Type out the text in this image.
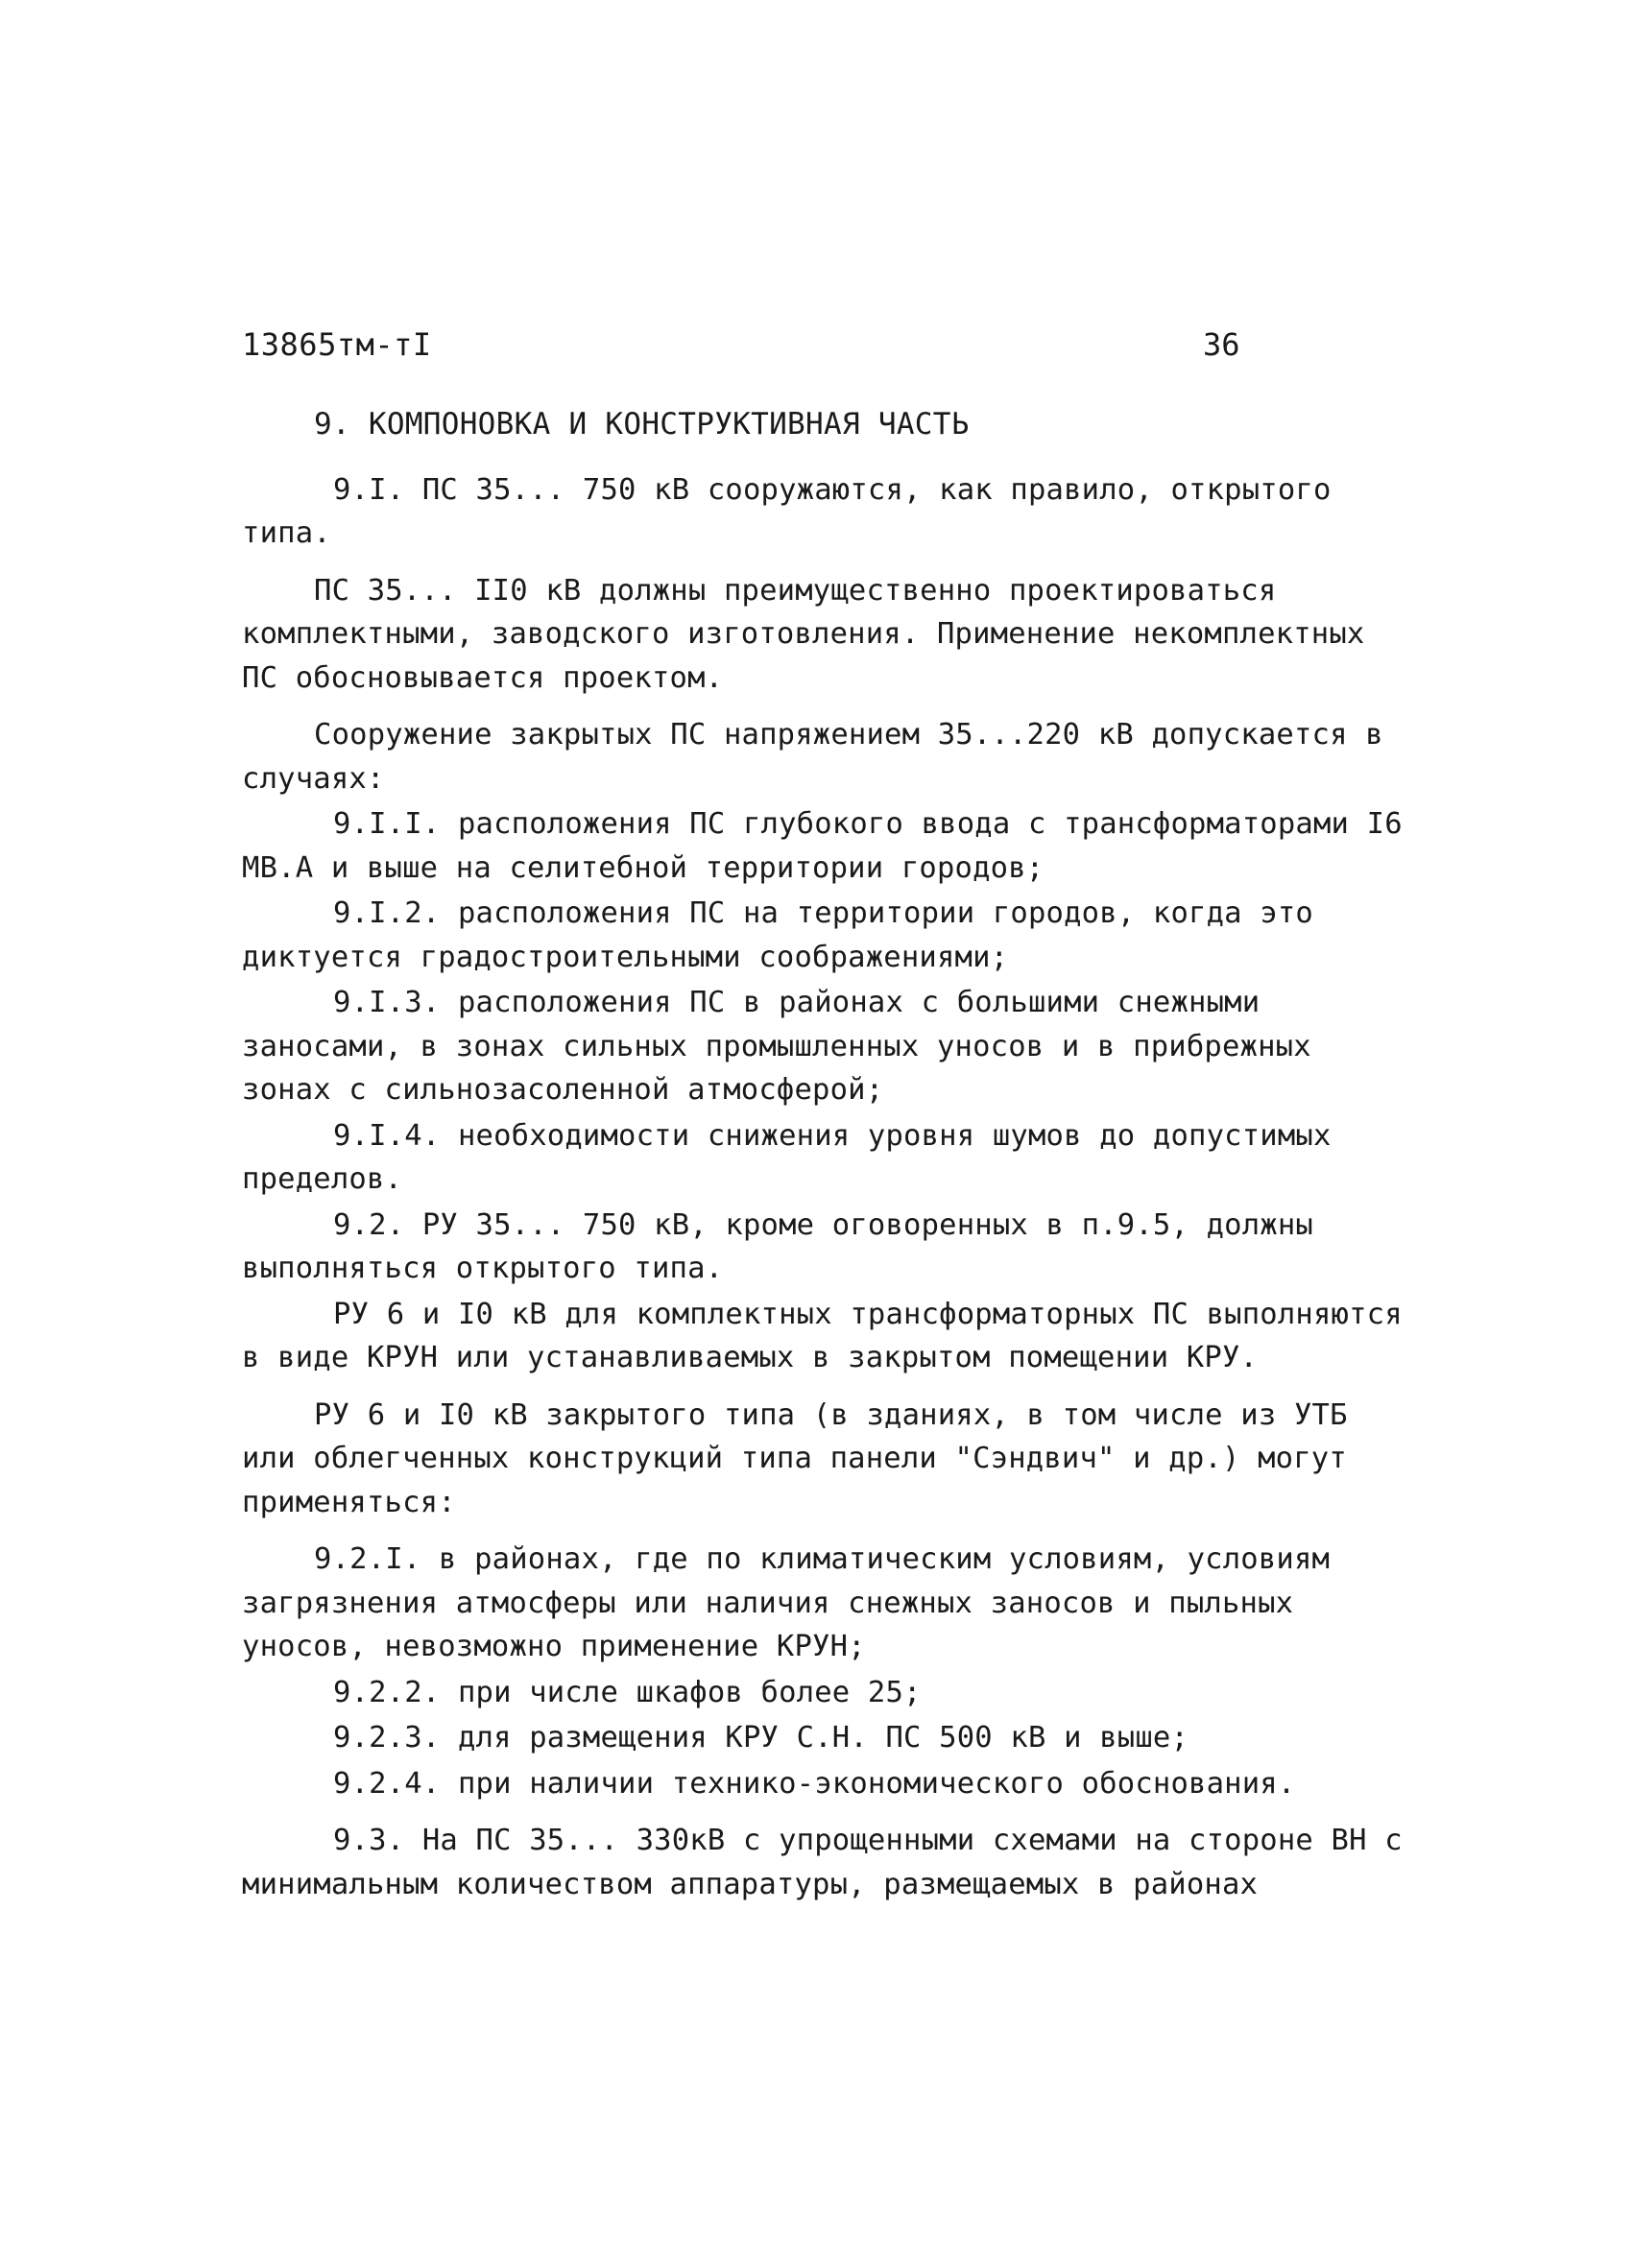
13865тм-тI	36

9. КОМПОНОВКА И КОНСТРУКТИВНАЯ ЧАСТЬ

9.I. ПС 35... 750 кВ сооружаются, как правило, открытого типа.

ПС 35... II0 кВ должны преимущественно проектироваться комплектными, заводского изготовления. Применение некомплектных ПС обосновывается проектом.

Сооружение закрытых ПС напряжением 35...220 кВ допускается в случаях:

9.I.I. расположения ПС глубокого ввода с трансформаторами I6 МВ.А и выше на селитебной территории городов;

9.I.2. расположения ПС на территории городов, когда это диктуется градостроительными соображениями;

9.I.3. расположения ПС в районах с большими снежными заносами, в зонах сильных промышленных уносов и в прибрежных зонах с сильнозасоленной атмосферой;

9.I.4. необходимости снижения уровня шумов до допустимых пределов.

9.2. РУ 35... 750 кВ, кроме оговоренных в п.9.5, должны выполняться открытого типа.

РУ 6 и I0 кВ для комплектных трансформаторных ПС выполняются в виде КРУН или устанавливаемых в закрытом помещении КРУ.

РУ 6 и I0 кВ закрытого типа (в зданиях, в том числе из УТБ или облегченных конструкций типа панели "Сэндвич" и др.) могут применяться:

9.2.I. в районах, где по климатическим условиям, условиям загрязнения атмосферы или наличия снежных заносов и пыльных уносов, невозможно применение КРУН;

9.2.2. при числе шкафов более 25;

9.2.3. для размещения КРУ С.Н. ПС 500 кВ и выше;

9.2.4. при наличии технико-экономического обоснования.

9.3. На ПС 35... 330кВ с упрощенными схемами на стороне ВН с минимальным количеством аппаратуры, размещаемых в районах
